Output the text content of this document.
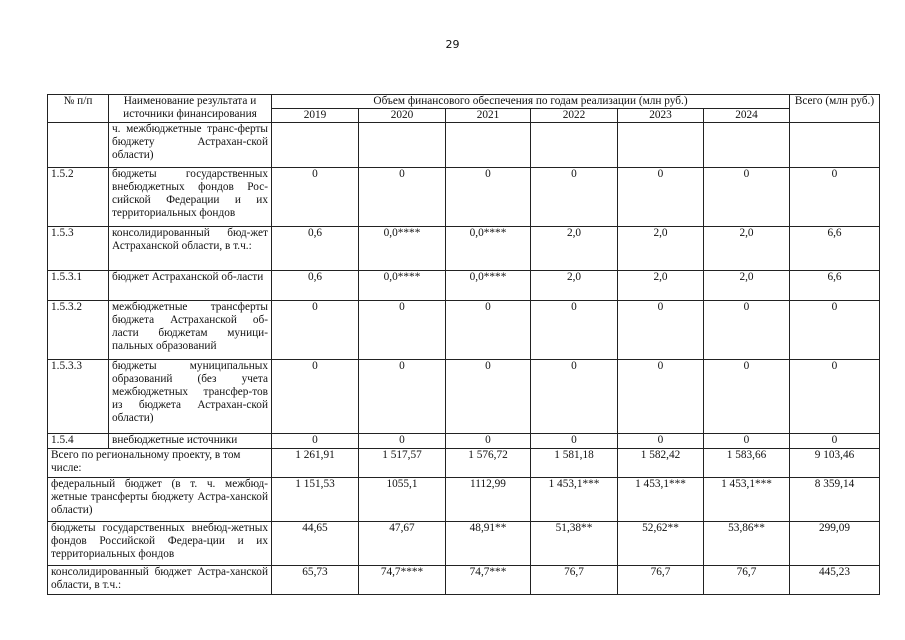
29
№ п/п	Наименование результата и источники финансирования	Объем финансового обеспечения по годам реализации (млн руб.)						Всего (млн руб.)
		2019	2020	2021	2022	2023	2024	
	ч. межбюджетные транс-ферты бюджету Астрахан-ской области)							
1.5.2	бюджеты государственных внебюджетных фондов Рос-сийской Федерации и их территориальных фондов	0	0	0	0	0	0	0
1.5.3	консолидированный бюд-жет Астраханской области, в т.ч.:	0,6	0,0****	0,0****	2,0	2,0	2,0	6,6
1.5.3.1	бюджет Астраханской об-ласти	0,6	0,0****	0,0****	2,0	2,0	2,0	6,6
1.5.3.2	межбюджетные трансферты бюджета Астраханской об-ласти бюджетам муници-пальных образований	0	0	0	0	0	0	0
1.5.3.3	бюджеты муниципальных образований (без учета межбюджетных трансфер-тов из бюджета Астрахан-ской области)	0	0	0	0	0	0	0
1.5.4	внебюджетные источники	0	0	0	0	0	0	0
Всего по региональному проекту, в том числе:		1 261,91	1 517,57	1 576,72	1 581,18	1 582,42	1 583,66	9 103,46
федеральный бюджет (в т. ч. межбюд-жетные трансферты бюджету Астра-ханской области)		1 151,53	1055,1	1112,99	1 453,1***	1 453,1***	1 453,1***	8 359,14
бюджеты государственных внебюд-жетных фондов Российской Федера-ции и их территориальных фондов		44,65	47,67	48,91**	51,38**	52,62**	53,86**	299,09
консолидированный бюджет Астра-ханской области, в т.ч.:		65,73	74,7****	74,7***	76,7	76,7	76,7	445,23
